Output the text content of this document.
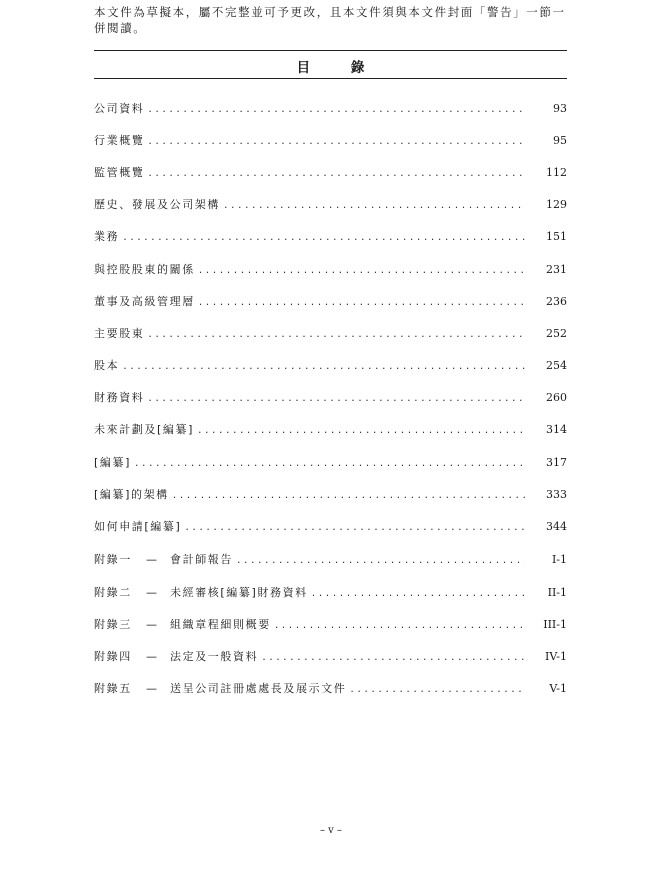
本文件為草擬本，屬不完整並可予更改，且本文件須與本文件封面「警告」一節一
併閱讀。
目 錄
公司資料 . . .	93
行業概覽 . . .	95
監管概覽 . . .	112
歷史、發展及公司架構 . . .	129
業務 . . .	151
與控股股東的關係 . . .	231
董事及高級管理層 . . .	236
主要股東 . . .	252
股本 . . .	254
財務資料 . . .	260
未來計劃及[編纂] . . .	314
[編纂] . . .	317
[編纂]的架構 . . .	333
如何申請[編纂] . . .	344
附錄一	—	會計師報告 . . .	I-1
附錄二	—	未經審核[編纂]財務資料 . . .	II-1
附錄三	—	組織章程細則概要 . . .	III-1
附錄四	—	法定及一般資料 . . .	IV-1
附錄五	—	送呈公司註冊處處長及展示文件 . . .	V-1
– v –
